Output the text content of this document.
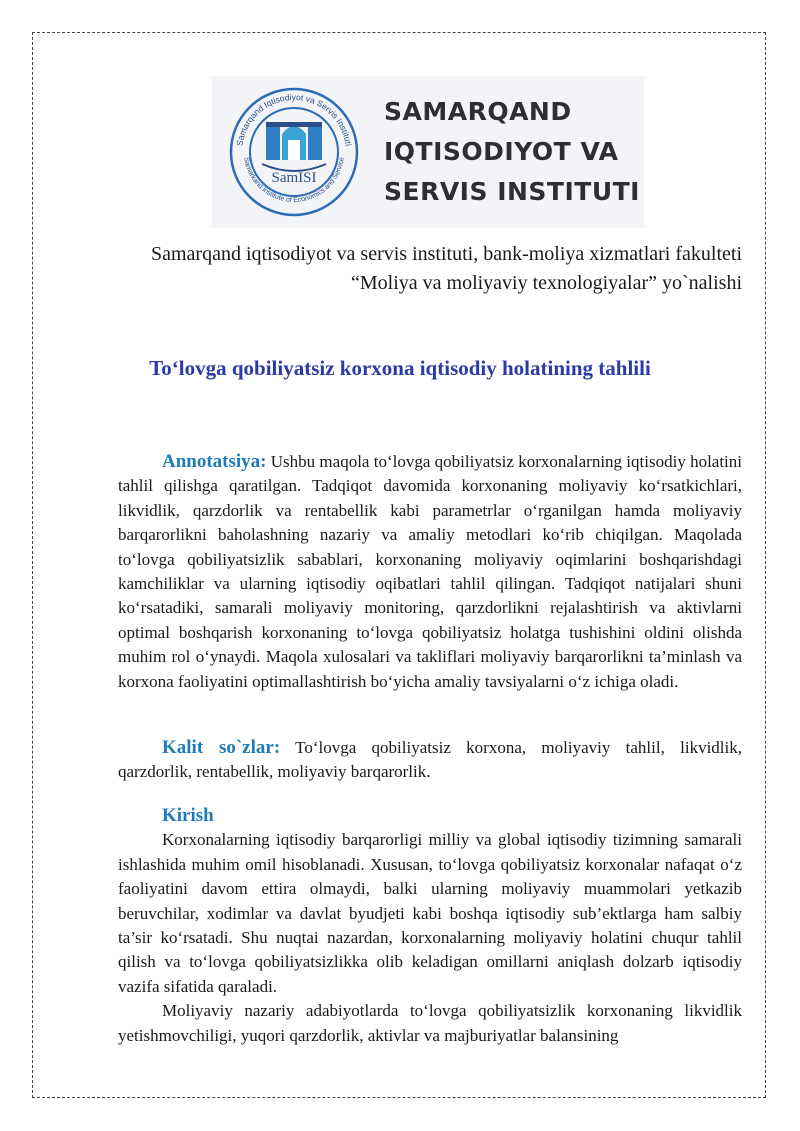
Samarqand Iqtisodiyot va Servis Instituti
Samarkand Institute of Economics and Service
SamISI
SAMARQAND
IQTISODIYOT VA
SERVIS INSTITUTI
Samarqand iqtisodiyot va servis instituti, bank-moliya xizmatlari fakulteti
“Moliya va moliyaviy texnologiyalar” yo`nalishi
To‘lovga qobiliyatsiz korxona iqtisodiy holatining tahlili

Annotatsiya: Ushbu maqola to‘lovga qobiliyatsiz korxonalarning iqtisodiy holatini tahlil qilishga qaratilgan. Tadqiqot davomida korxonaning moliyaviy ko‘rsatkichlari, likvidlik, qarzdorlik va rentabellik kabi parametrlar o‘rganilgan hamda moliyaviy barqarorlikni baholashning nazariy va amaliy metodlari ko‘rib chiqilgan. Maqolada to‘lovga qobiliyatsizlik sabablari, korxonaning moliyaviy oqimlarini boshqarishdagi kamchiliklar va ularning iqtisodiy oqibatlari tahlil qilingan. Tadqiqot natijalari shuni ko‘rsatadiki, samarali moliyaviy monitoring, qarzdorlikni rejalashtirish va aktivlarni optimal boshqarish korxonaning to‘lovga qobiliyatsiz holatga tushishini oldini olishda muhim rol o‘ynaydi. Maqola xulosalari va takliflari moliyaviy barqarorlikni ta’minlash va korxona faoliyatini optimallashtirish bo‘yicha amaliy tavsiyalarni o‘z ichiga oladi.

Kalit so`zlar: To‘lovga qobiliyatsiz korxona, moliyaviy tahlil, likvidlik, qarzdorlik, rentabellik, moliyaviy barqarorlik.

Kirish

Korxonalarning iqtisodiy barqarorligi milliy va global iqtisodiy tizimning samarali ishlashida muhim omil hisoblanadi. Xususan, to‘lovga qobiliyatsiz korxonalar nafaqat o‘z faoliyatini davom ettira olmaydi, balki ularning moliyaviy muammolari yetkazib beruvchilar, xodimlar va davlat byudjeti kabi boshqa iqtisodiy sub’ektlarga ham salbiy ta’sir ko‘rsatadi. Shu nuqtai nazardan, korxonalarning moliyaviy holatini chuqur tahlil qilish va to‘lovga qobiliyatsizlikka olib keladigan omillarni aniqlash dolzarb iqtisodiy vazifa sifatida qaraladi.

Moliyaviy nazariy adabiyotlarda to‘lovga qobiliyatsizlik korxonaning likvidlik yetishmovchiligi, yuqori qarzdorlik, aktivlar va majburiyatlar balansining
